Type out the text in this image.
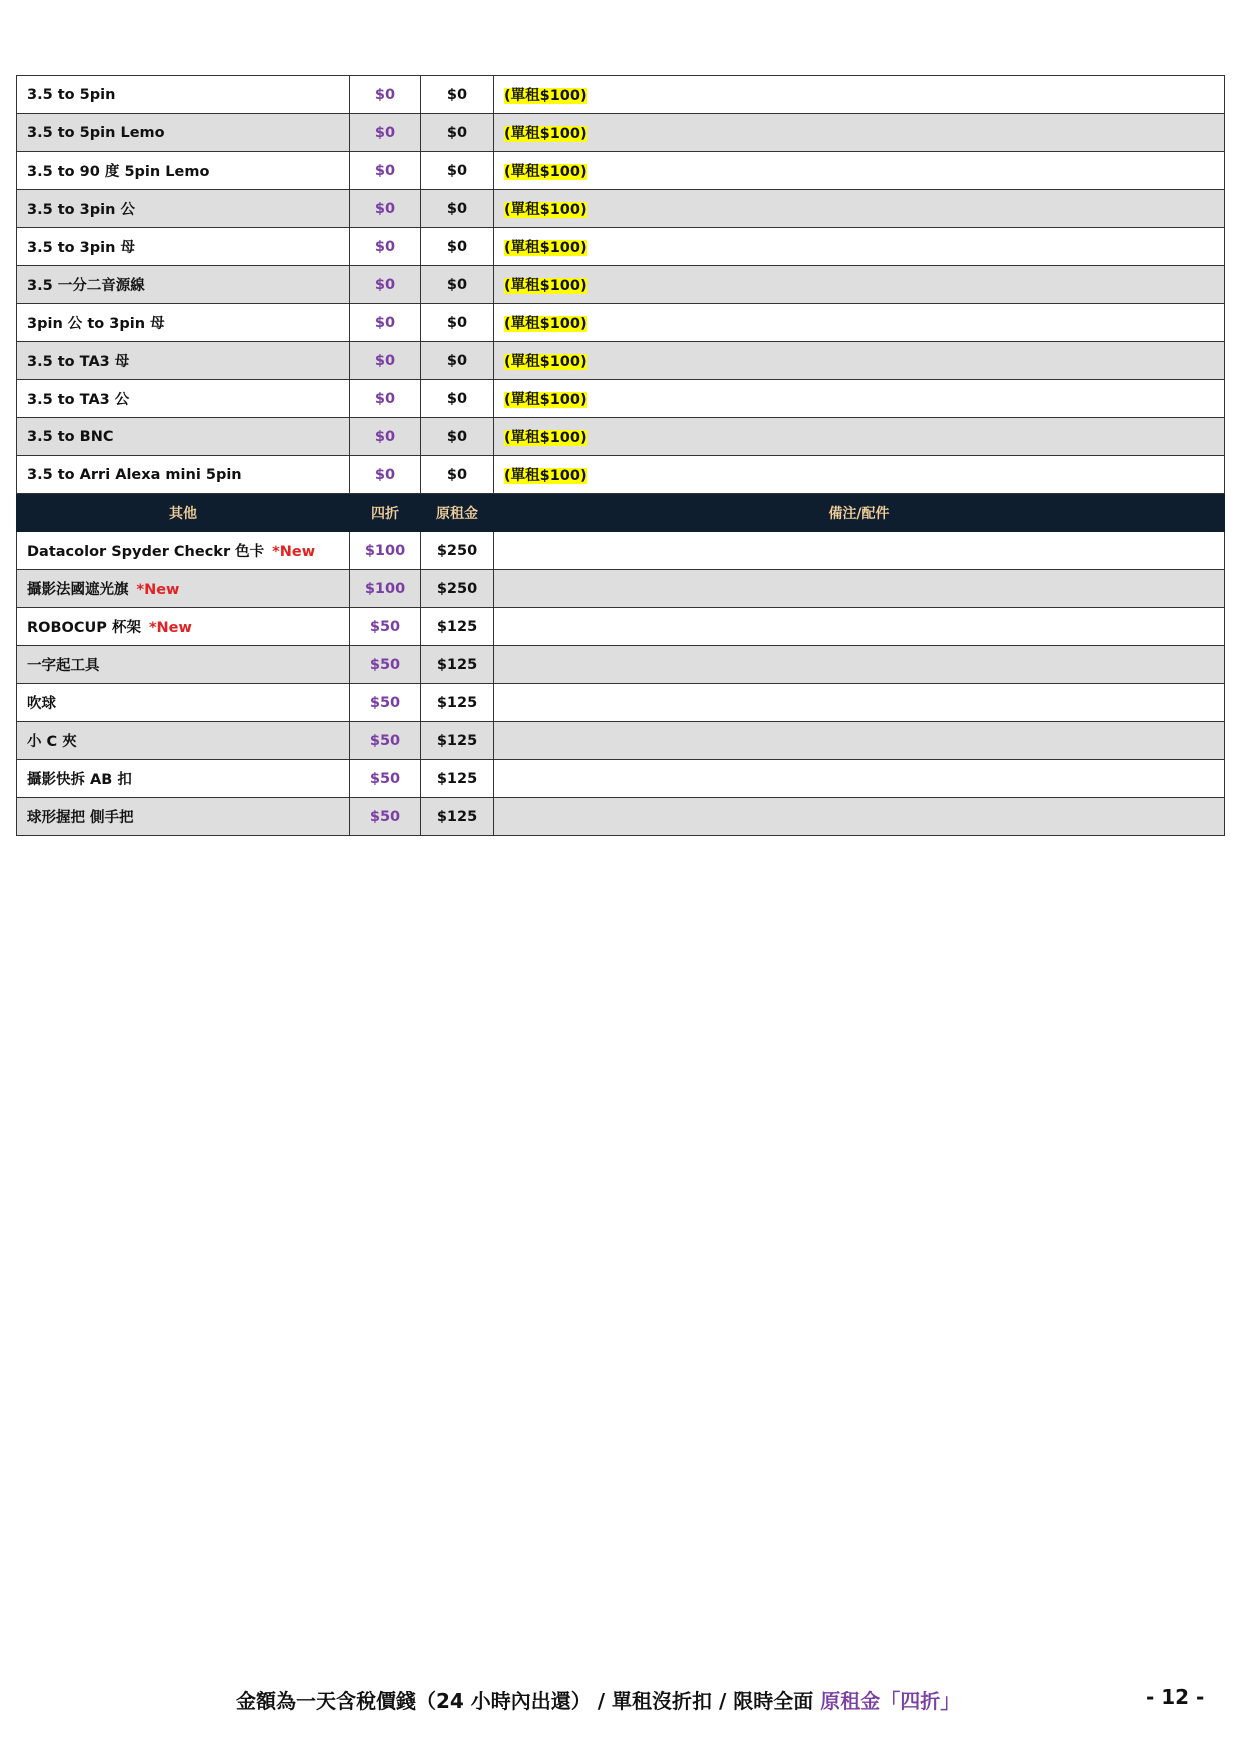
3.5 to 5pin	$0	$0	(單租$100)
3.5 to 5pin Lemo	$0	$0	(單租$100)
3.5 to 90 度 5pin Lemo	$0	$0	(單租$100)
3.5 to 3pin 公	$0	$0	(單租$100)
3.5 to 3pin 母	$0	$0	(單租$100)
3.5 一分二音源線	$0	$0	(單租$100)
3pin 公 to 3pin 母	$0	$0	(單租$100)
3.5 to TA3 母	$0	$0	(單租$100)
3.5 to TA3 公	$0	$0	(單租$100)
3.5 to BNC	$0	$0	(單租$100)
3.5 to Arri Alexa mini 5pin	$0	$0	(單租$100)
其他	四折	原租金	備注/配件
Datacolor Spyder Checkr 色卡 *New	$100	$250	
攝影法國遮光旗 *New	$100	$250	
ROBOCUP 杯架 *New	$50	$125	
一字起工具	$50	$125	
吹球	$50	$125	
小 C 夾	$50	$125	
攝影快拆 AB 扣	$50	$125	
球形握把 側手把	$50	$125	
金額為一天含稅價錢（24 小時內出還） / 單租沒折扣 / 限時全面 原租金「四折」	- 12 -
